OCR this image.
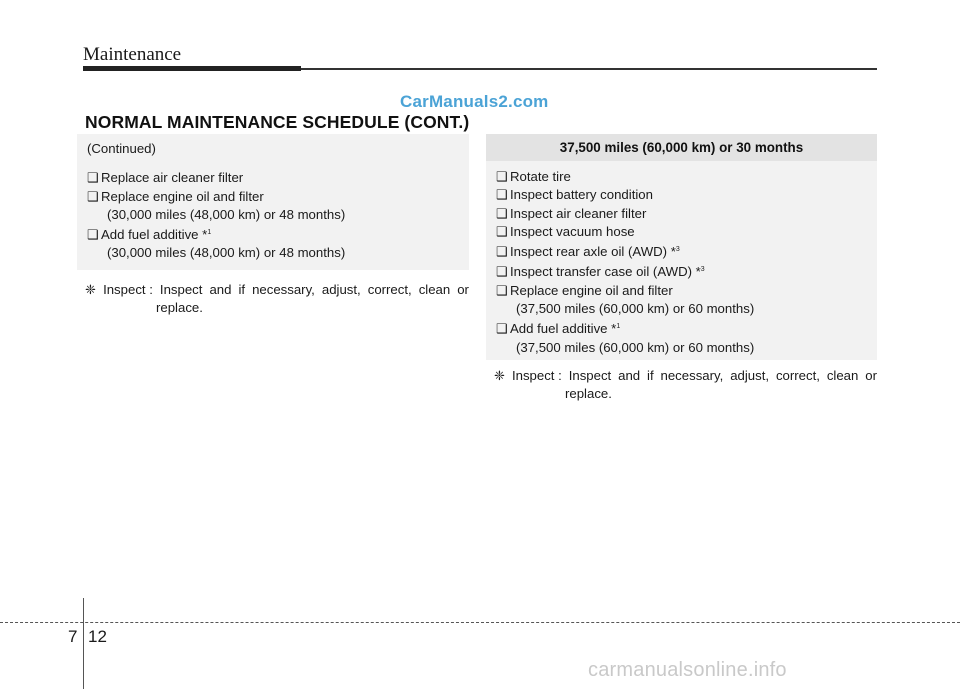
Maintenance
CarManuals2.com
NORMAL MAINTENANCE SCHEDULE (CONT.)
(Continued)
❑ Replace air cleaner filter
❑ Replace engine oil and filter
(30,000 miles (48,000 km) or 48 months)
❑ Add fuel additive *$^1$
(30,000 miles (48,000 km) or 48 months)
❈ Inspect : Inspect and if necessary, adjust, correct, clean or
replace.
37,500 miles (60,000 km) or 30 months
❑ Rotate tire
❑ Inspect battery condition
❑ Inspect air cleaner filter
❑ Inspect vacuum hose
❑ Inspect rear axle oil (AWD) *$^3$
❑ Inspect transfer case oil (AWD) *$^3$
❑ Replace engine oil and filter
(37,500 miles (60,000 km) or 60 months)
❑ Add fuel additive *$^1$
(37,500 miles (60,000 km) or 60 months)
❈ Inspect : Inspect and if necessary, adjust, correct, clean or
replace.
7 12
carmanualsonline.info
